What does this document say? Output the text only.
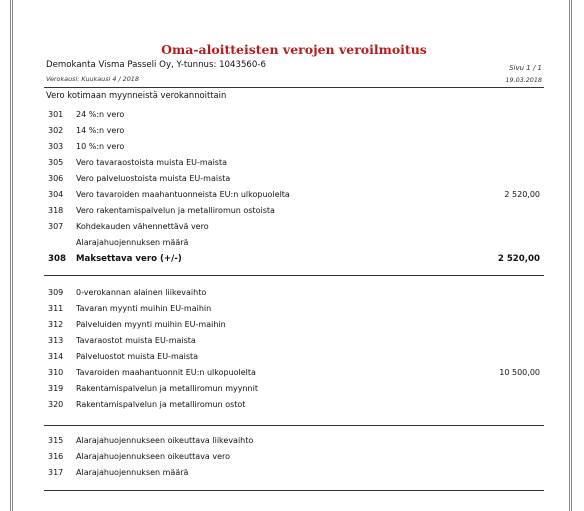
Oma-aloitteisten verojen veroilmoitus
Demokanta Visma Passeli Oy, Y-tunnus: 1043560-6	Sivu 1 / 1
Verokausi: Kuukausi 4 / 2018	19.03.2018
Vero kotimaan myynneistä verokannoittain
301 24 %:n vero
302 14 %:n vero
303 10 %:n vero
305 Vero tavaraostoista muista EU-maista
306 Vero palveluostoista muista EU-maista
304 Vero tavaroiden maahantuonneista EU:n ulkopuolelta	2 520,00
318 Vero rakentamispalvelun ja metalliromun ostoista
307 Kohdekauden vähennettävä vero
Alarajahuojennuksen määrä
308 Maksettava vero (+/-)	2 520,00
309 0-verokannan alainen liikevaihto
311 Tavaran myynti muihin EU-maihin
312 Palveluiden myynti muihin EU-maihin
313 Tavaraostot muista EU-maista
314 Palveluostot muista EU-maista
310 Tavaroiden maahantuonnit EU:n ulkopuolelta	10 500,00
319 Rakentamispalvelun ja metalliromun myynnit
320 Rakentamispalvelun ja metalliromun ostot
315 Alarajahuojennukseen oikeuttava liikevaihto
316 Alarajahuojennukseen oikeuttava vero
317 Alarajahuojennuksen määrä
